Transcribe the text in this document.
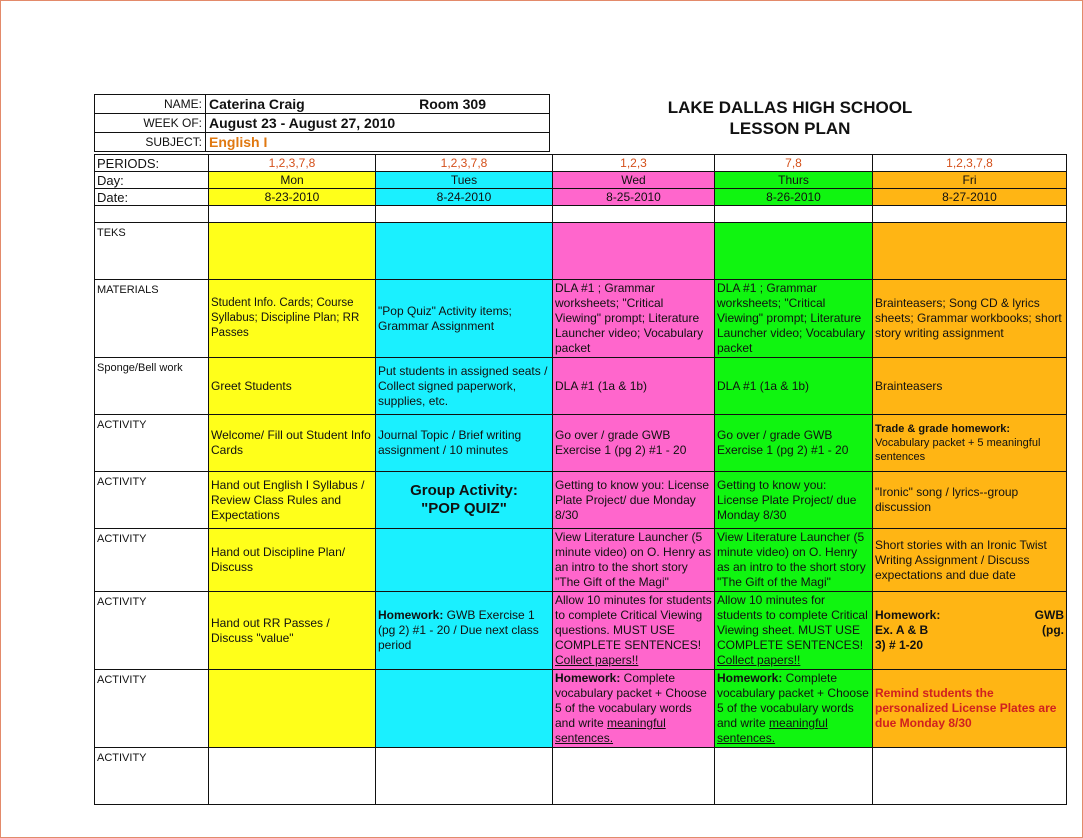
NAME:	Caterina Craig Room 309

WEEK OF:	August 23 - August 27, 2010
SUBJECT:	English I
LAKE DALLAS HIGH SCHOOL
LESSON PLAN
PERIODS:	1,2,3,7,8	1,2,3,7,8	1,2,3	7,8	1,2,3,7,8
Day:	Mon	Tues	Wed	Thurs	Fri
Date:	8-23-2010	8-24-2010	8-25-2010	8-26-2010	8-27-2010

TEKS					
MATERIALS	Student Info. Cards; Course Syllabus; Discipline Plan; RR Passes	"Pop Quiz" Activity items; Grammar Assignment	DLA #1 ; Grammar worksheets; "Critical Viewing" prompt; Literature Launcher video; Vocabulary packet	DLA #1 ; Grammar worksheets; "Critical Viewing" prompt; Literature Launcher video; Vocabulary packet	Brainteasers; Song CD & lyrics sheets; Grammar workbooks; short story writing assignment
Sponge/Bell work	Greet Students	Put students in assigned seats / Collect signed paperwork, supplies, etc.	DLA #1 (1a & 1b)	DLA #1 (1a & 1b)	Brainteasers
ACTIVITY	Welcome/ Fill out Student Info Cards	Journal Topic / Brief writing assignment / 10 minutes	Go over / grade GWB Exercise 1 (pg 2) #1 - 20	Go over / grade GWB Exercise 1 (pg 2) #1 - 20	Trade & grade homework:
Vocabulary packet + 5 meaningful sentences
ACTIVITY	Hand out English I Syllabus / Review Class Rules and Expectations	Group Activity:
"POP QUIZ"	Getting to know you: License Plate Project/ due Monday 8/30	Getting to know you: License Plate Project/ due Monday 8/30	"Ironic" song / lyrics--group discussion
ACTIVITY	Hand out Discipline Plan/ Discuss		View Literature Launcher (5 minute video) on O. Henry as an intro to the short story "The Gift of the Magi"	View Literature Launcher (5 minute video) on O. Henry as an intro to the short story "The Gift of the Magi"	Short stories with an Ironic Twist Writing Assignment / Discuss expectations and due date
ACTIVITY	Hand out RR Passes / Discuss "value"	Homework: GWB Exercise 1 (pg 2) #1 - 20 / Due next class period	Allow 10 minutes for students to complete Critical Viewing questions. MUST USE COMPLETE SENTENCES! Collect papers!!	Allow 10 minutes for students to complete Critical Viewing sheet. MUST USE COMPLETE SENTENCES! Collect papers!!	Homework: GWB
Ex. A & B (pg.
3) # 1-20

ACTIVITY			Homework: Complete vocabulary packet + Choose 5 of the vocabulary words and write meaningful sentences.	Homework: Complete vocabulary packet + Choose 5 of the vocabulary words and write meaningful sentences.	Remind students the personalized License Plates are due Monday 8/30
ACTIVITY					
